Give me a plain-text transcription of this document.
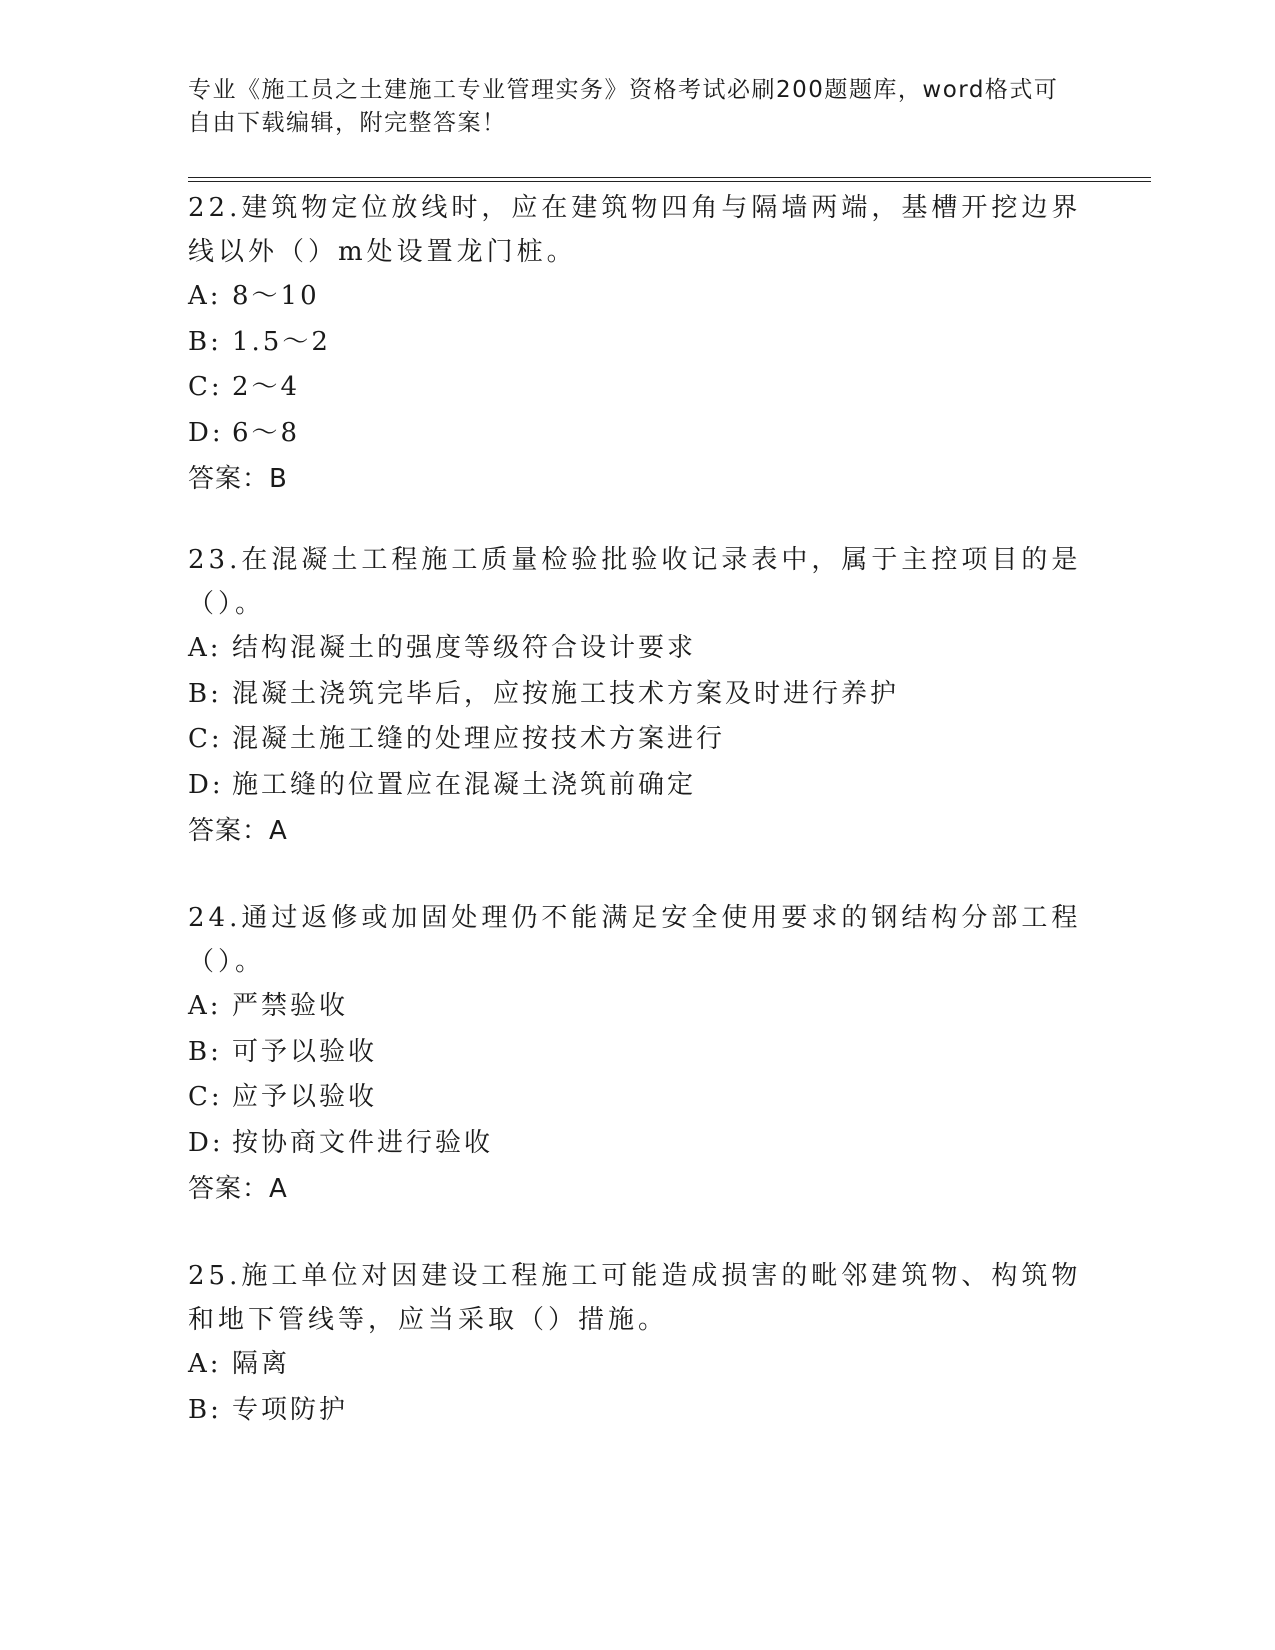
专业《施工员之土建施工专业管理实务》资格考试必刷200题题库，word格式可
自由下载编辑，附完整答案！

22.建筑物定位放线时，应在建筑物四角与隔墙两端，基槽开挖边界线以外（）m处设置龙门桩。

A: 8～10
B: 1.5～2
C: 2～4
D: 6～8
答案：B

23.在混凝土工程施工质量检验批验收记录表中，属于主控项目的是（）。

A: 结构混凝土的强度等级符合设计要求
B: 混凝土浇筑完毕后，应按施工技术方案及时进行养护
C: 混凝土施工缝的处理应按技术方案进行
D: 施工缝的位置应在混凝土浇筑前确定
答案：A

24.通过返修或加固处理仍不能满足安全使用要求的钢结构分部工程（）。

A: 严禁验收
B: 可予以验收
C: 应予以验收
D: 按协商文件进行验收
答案：A

25.施工单位对因建设工程施工可能造成损害的毗邻建筑物、构筑物和地下管线等，应当采取（）措施。

A: 隔离
B: 专项防护
